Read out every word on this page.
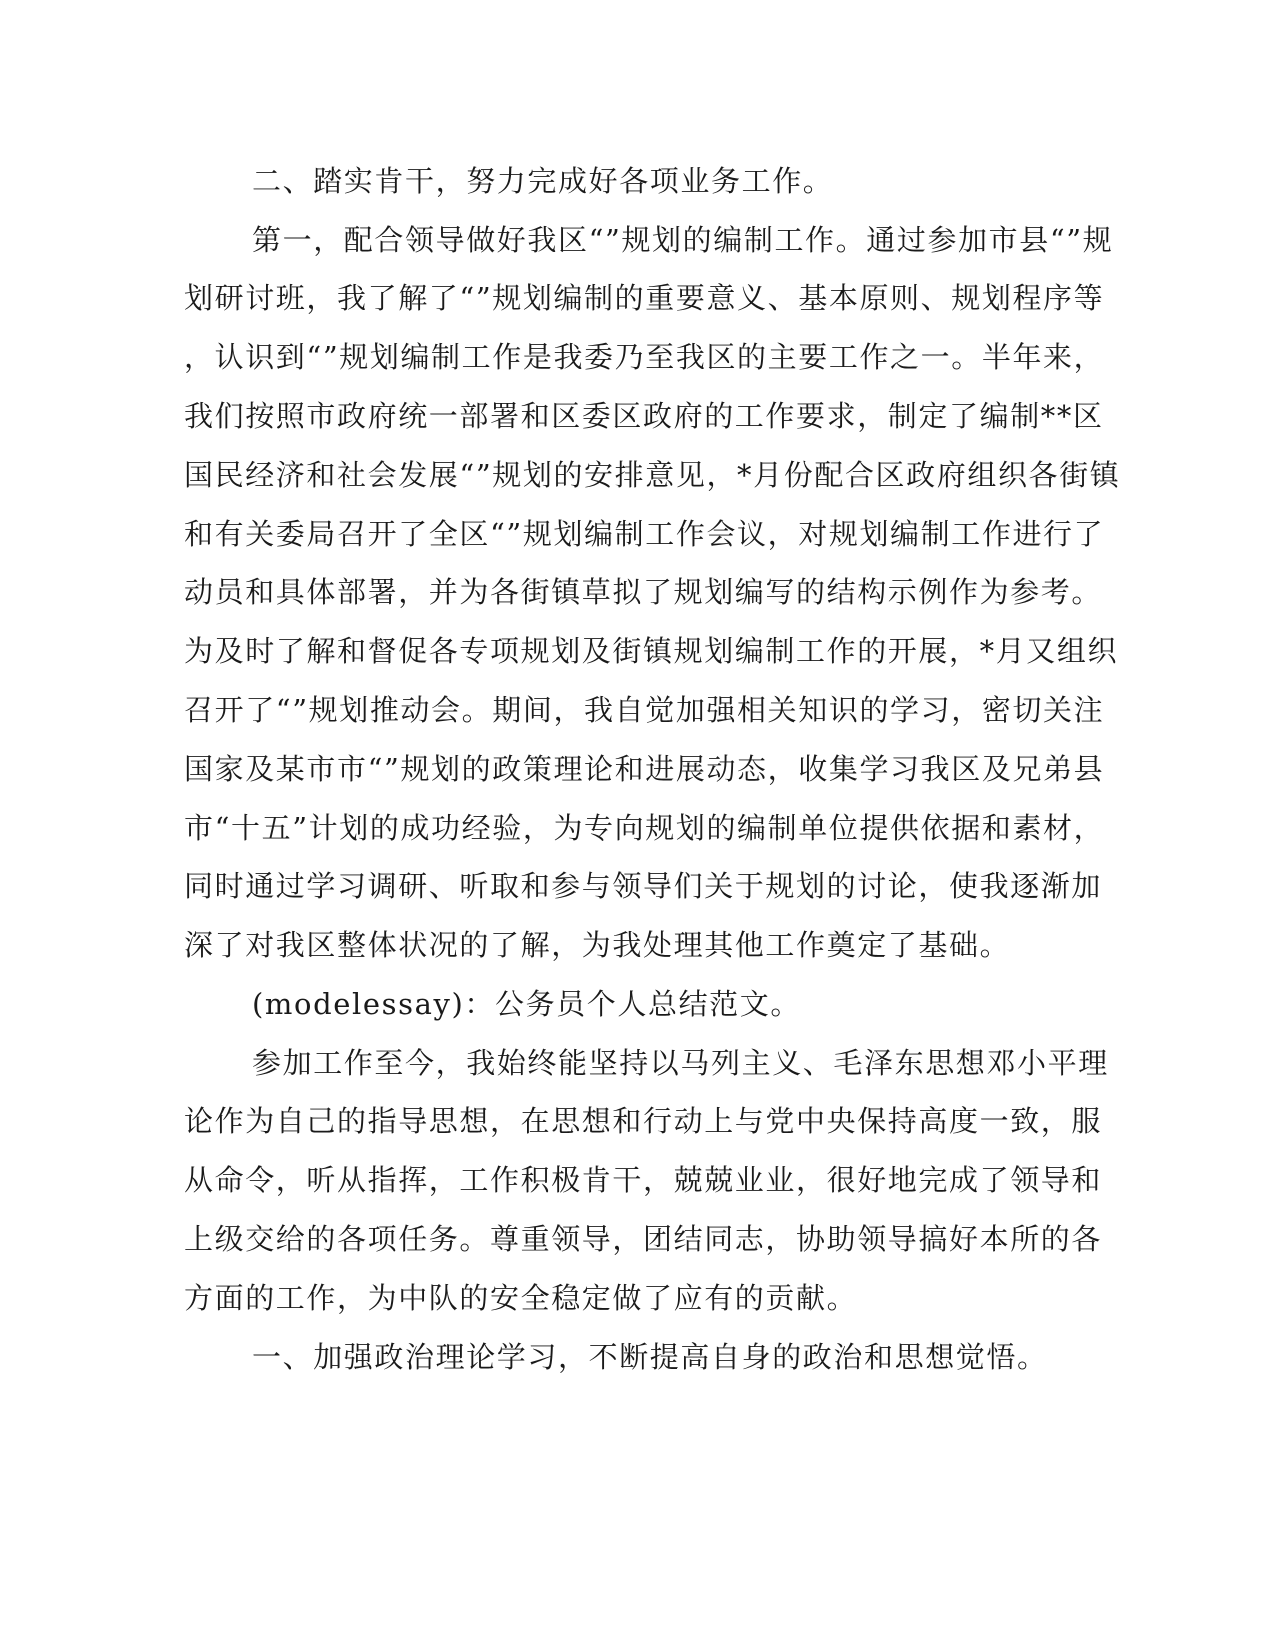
二、踏实肯干，努力完成好各项业务工作。
第一，配合领导做好我区“”规划的编制工作。通过参加市县“”规
划研讨班，我了解了“”规划编制的重要意义、基本原则、规划程序等
，认识到“”规划编制工作是我委乃至我区的主要工作之一。半年来，
我们按照市政府统一部署和区委区政府的工作要求，制定了编制**区
国民经济和社会发展“”规划的安排意见，*月份配合区政府组织各街镇
和有关委局召开了全区“”规划编制工作会议，对规划编制工作进行了
动员和具体部署，并为各街镇草拟了规划编写的结构示例作为参考。
为及时了解和督促各专项规划及街镇规划编制工作的开展，*月又组织
召开了“”规划推动会。期间，我自觉加强相关知识的学习，密切关注
国家及某市市“”规划的政策理论和进展动态，收集学习我区及兄弟县
市“十五”计划的成功经验，为专向规划的编制单位提供依据和素材，
同时通过学习调研、听取和参与领导们关于规划的讨论，使我逐渐加
深了对我区整体状况的了解，为我处理其他工作奠定了基础。
(modelessay)：公务员个人总结范文。
参加工作至今，我始终能坚持以马列主义、毛泽东思想邓小平理
论作为自己的指导思想，在思想和行动上与党中央保持高度一致，服
从命令，听从指挥，工作积极肯干，兢兢业业，很好地完成了领导和
上级交给的各项任务。尊重领导，团结同志，协助领导搞好本所的各
方面的工作，为中队的安全稳定做了应有的贡献。
一、加强政治理论学习，不断提高自身的政治和思想觉悟。
